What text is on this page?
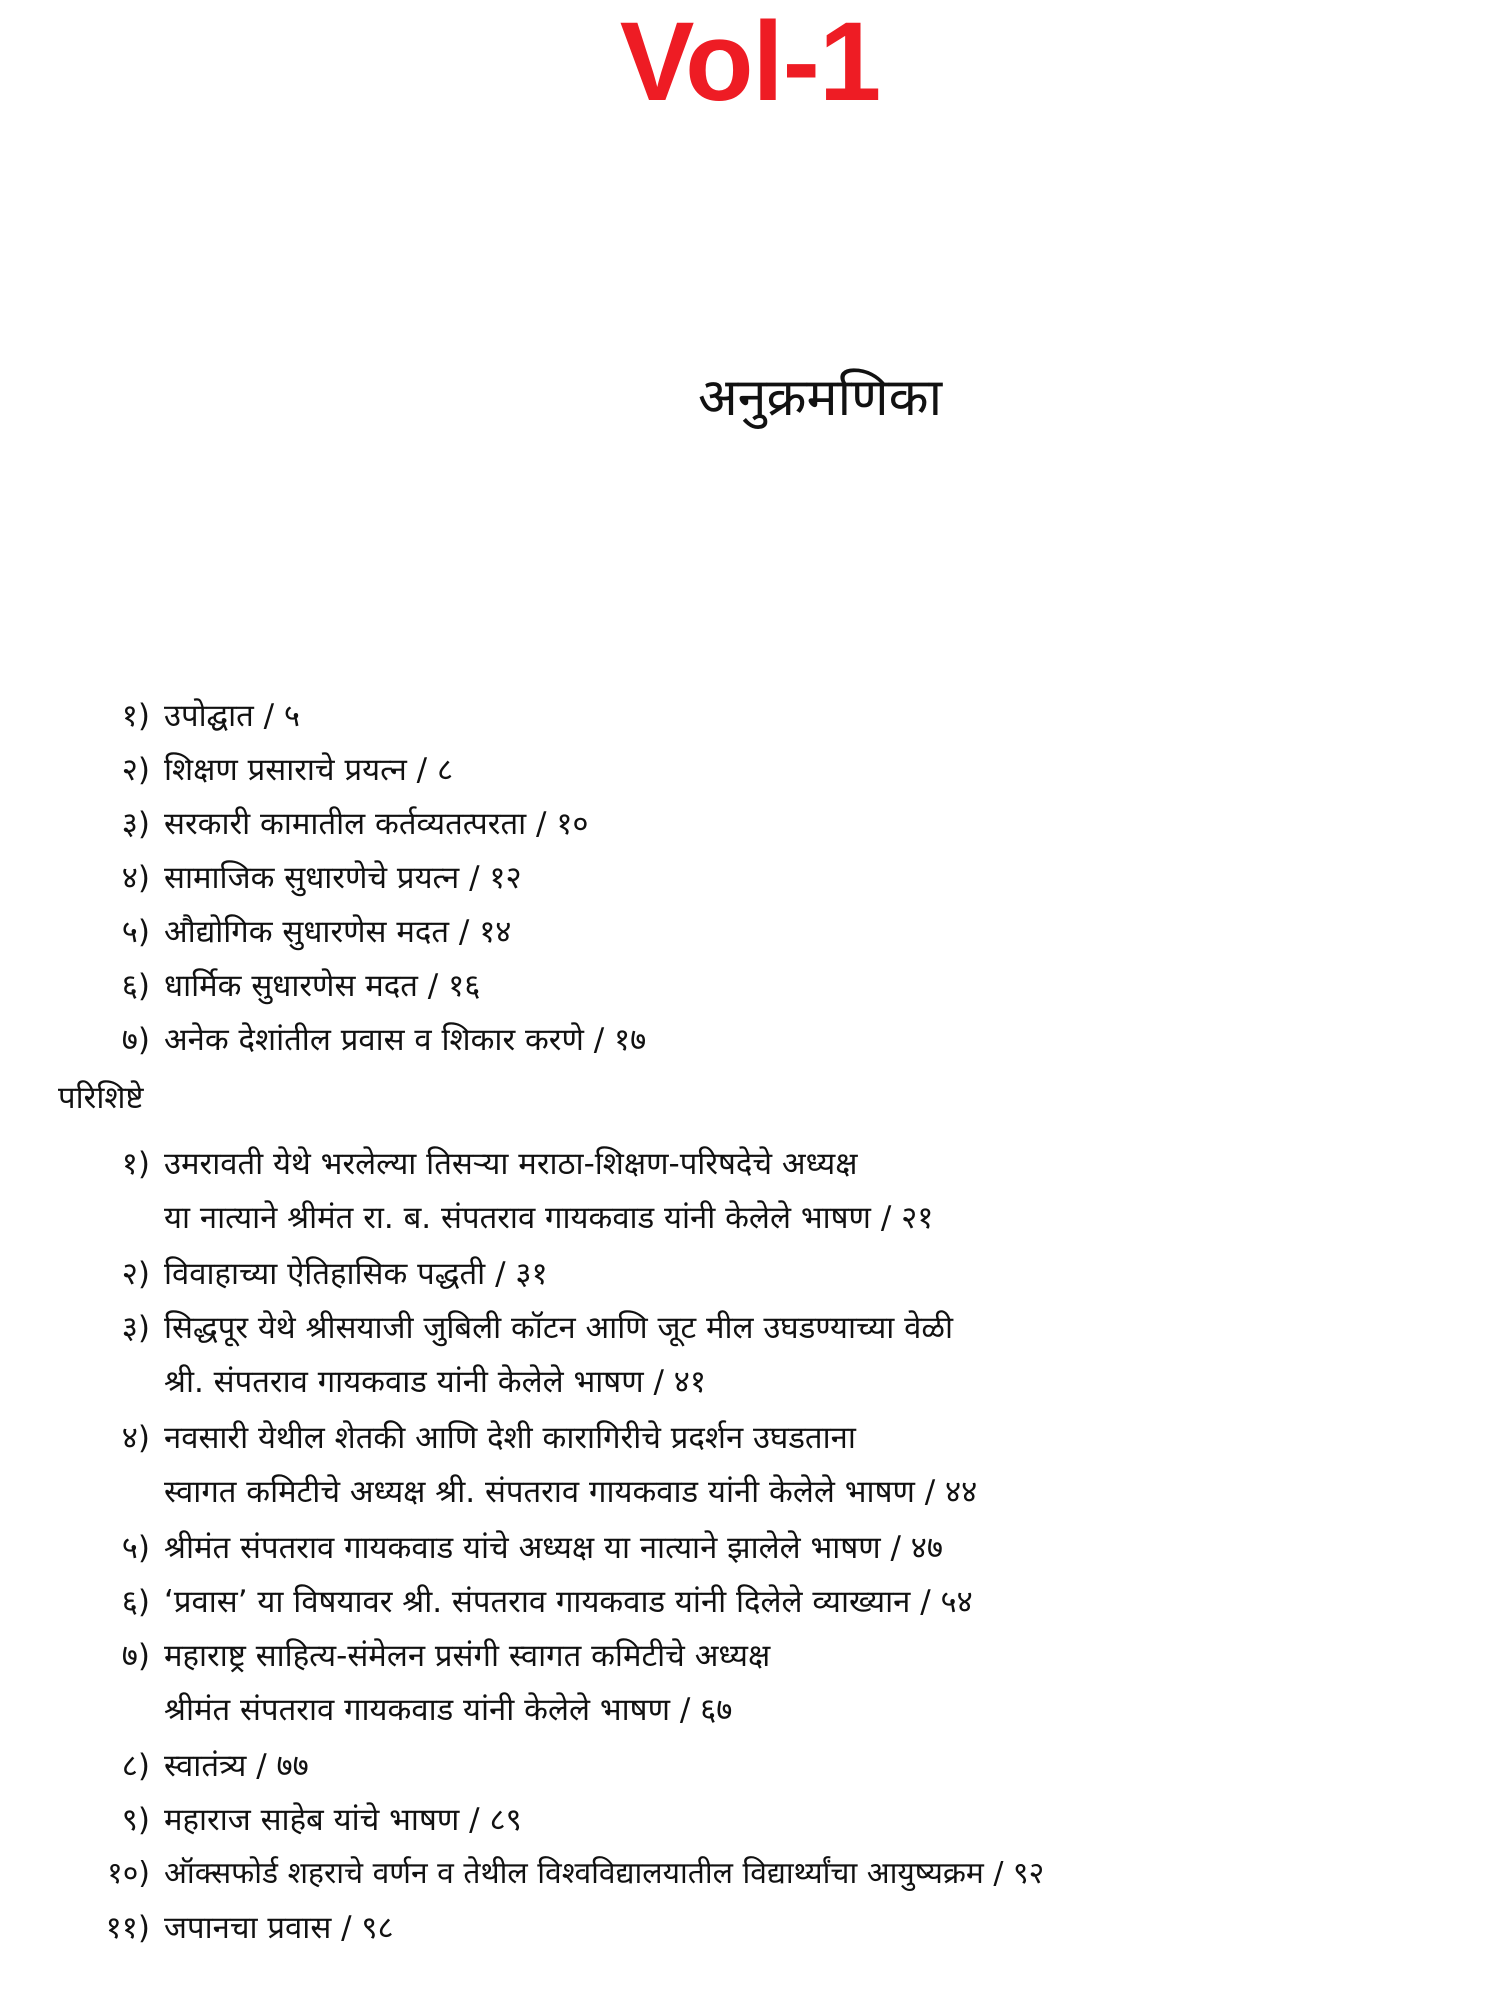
Vol-1
अनुक्रमणिका
१) उपोद्घात / ५
२) शिक्षण प्रसाराचे प्रयत्न / ८
३) सरकारी कामातील कर्तव्यतत्परता / १०
४) सामाजिक सुधारणेचे प्रयत्न / १२
५) औद्योगिक सुधारणेस मदत / १४
६) धार्मिक सुधारणेस मदत / १६
७) अनेक देशांतील प्रवास व शिकार करणे / १७
परिशिष्टे
१) उमरावती येथे भरलेल्या तिसऱ्या मराठा-शिक्षण-परिषदेचे अध्यक्ष
या नात्याने श्रीमंत रा. ब. संपतराव गायकवाड यांनी केलेले भाषण / २१
२) विवाहाच्या ऐतिहासिक पद्धती / ३१
३) सिद्धपूर येथे श्रीसयाजी जुबिली कॉटन आणि जूट मील उघडण्याच्या वेळी
श्री. संपतराव गायकवाड यांनी केलेले भाषण / ४१
४) नवसारी येथील शेतकी आणि देशी कारागिरीचे प्रदर्शन उघडताना
स्वागत कमिटीचे अध्यक्ष श्री. संपतराव गायकवाड यांनी केलेले भाषण / ४४
५) श्रीमंत संपतराव गायकवाड यांचे अध्यक्ष या नात्याने झालेले भाषण / ४७
६) ‘प्रवास’ या विषयावर श्री. संपतराव गायकवाड यांनी दिलेले व्याख्यान / ५४
७) महाराष्ट्र साहित्य-संमेलन प्रसंगी स्वागत कमिटीचे अध्यक्ष
श्रीमंत संपतराव गायकवाड यांनी केलेले भाषण / ६७
८) स्वातंत्र्य / ७७
९) महाराज साहेब यांचे भाषण / ८९
१०) ऑक्सफोर्ड शहराचे वर्णन व तेथील विश्वविद्यालयातील विद्यार्थ्यांचा आयुष्यक्रम / ९२
११) जपानचा प्रवास / ९८
